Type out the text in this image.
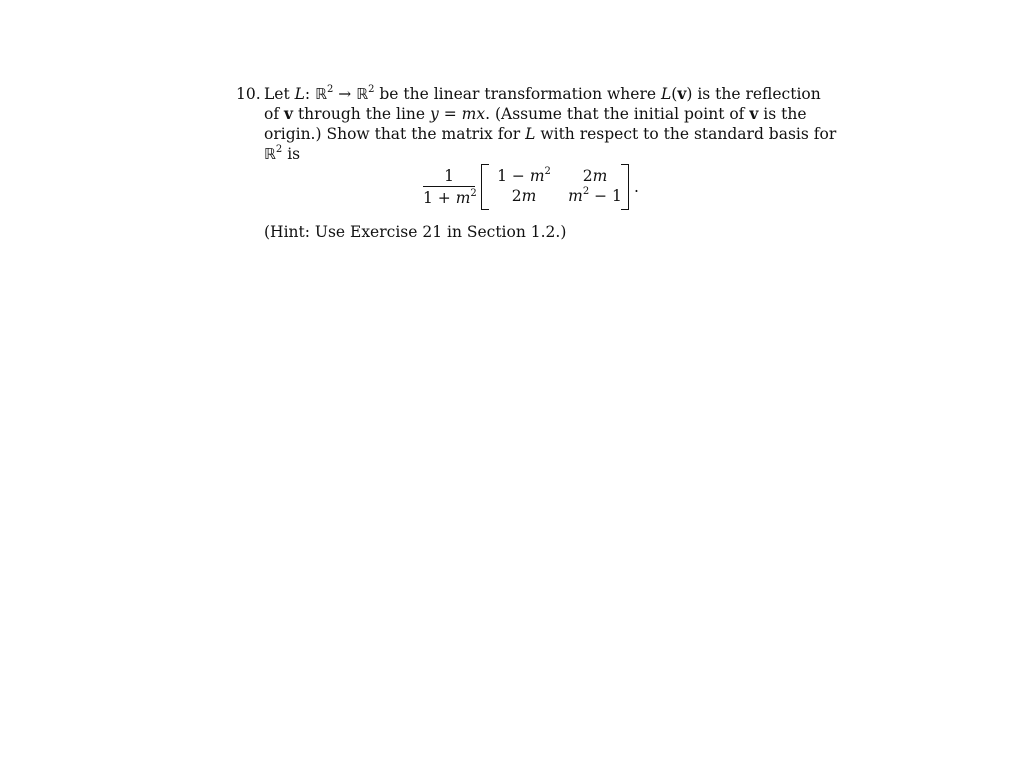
10. Let L: ℝ$^2$ → ℝ$^2$ be the linear transformation where L(v) is the reflection
of v through the line y = mx. (Assume that the initial point of v is the
origin.) Show that the matrix for L with respect to the standard basis for
ℝ$^2$ is
1
$1 + m^2$
$1 - m^2$	2m
2m	$m^2 - 1$ .
(Hint: Use Exercise 21 in Section 1.2.)
